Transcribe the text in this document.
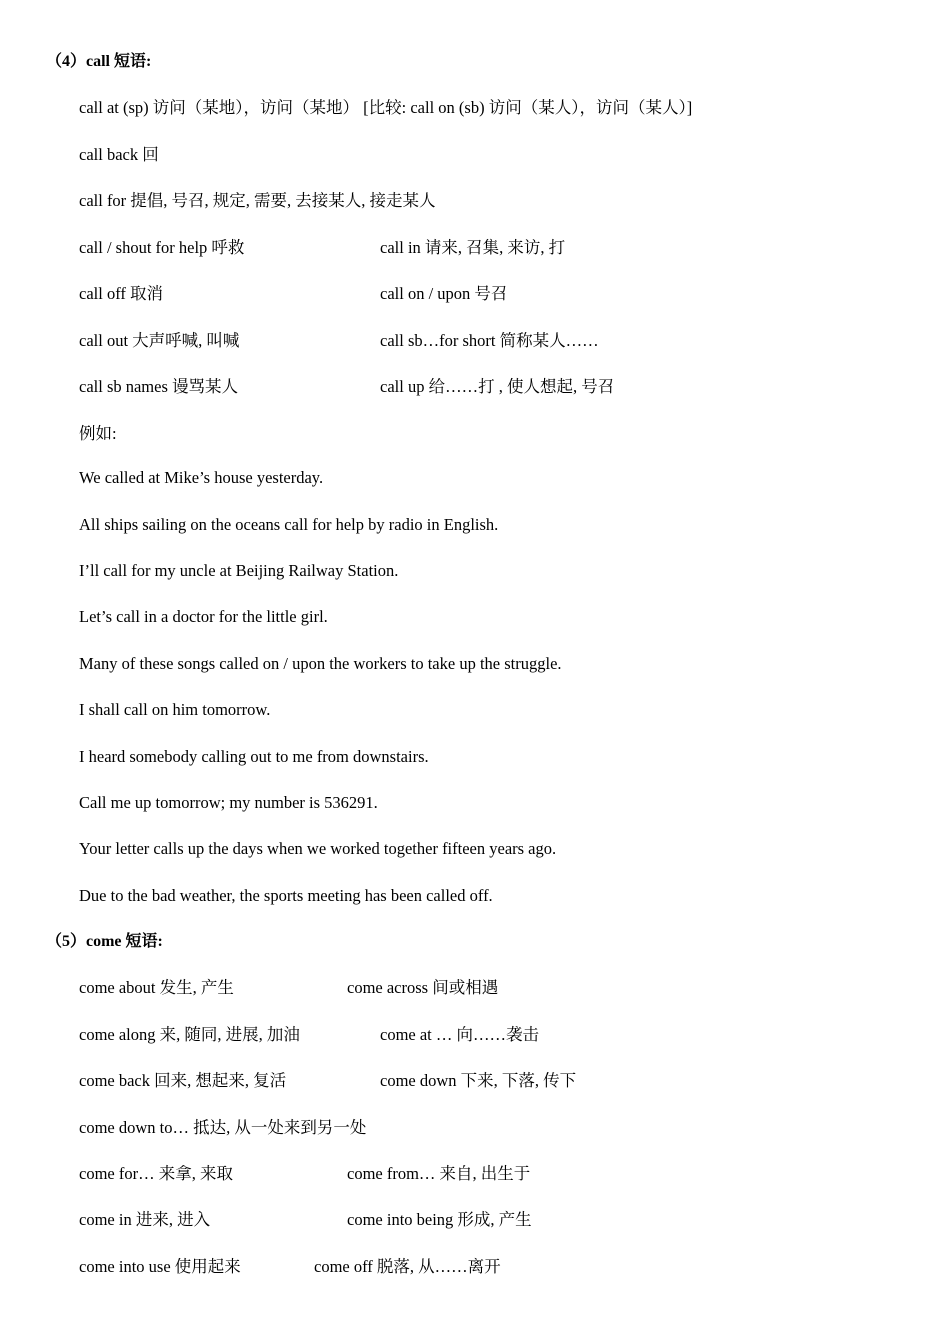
（4）call 短语:
call at (sp) 访问（某地），访问（某地） [比较: call on (sb) 访问（某人），访问（某人）]
call back 回
call for 提倡, 号召, 规定, 需要, 去接某人, 接走某人
call / shout for help 呼救	call in 请来, 召集, 来访, 打
call off 取消	call on / upon 号召
call out 大声呼喊, 叫喊	call sb…for short 简称某人……
call sb names 谩骂某人	call up 给……打 , 使人想起, 号召
例如:
We called at Mike’s house yesterday.
All ships sailing on the oceans call for help by radio in English.
I’ll call for my uncle at Beijing Railway Station.
Let’s call in a doctor for the little girl.
Many of these songs called on / upon the workers to take up the struggle.
I shall call on him tomorrow.
I heard somebody calling out to me from downstairs.
Call me up tomorrow; my number is 536291.
Your letter calls up the days when we worked together fifteen years ago.
Due to the bad weather, the sports meeting has been called off.
（5）come 短语:
come about 发生, 产生	come across 间或相遇
come along 来, 随同, 进展, 加油	come at … 向……袭击
come back 回来, 想起来, 复活	come down 下来, 下落, 传下
come down to… 抵达, 从一处来到另一处
come for… 来拿, 来取	come from… 来自, 出生于
come in 进来, 进入	come into being 形成, 产生
come into use 使用起来	come off 脱落, 从……离开
